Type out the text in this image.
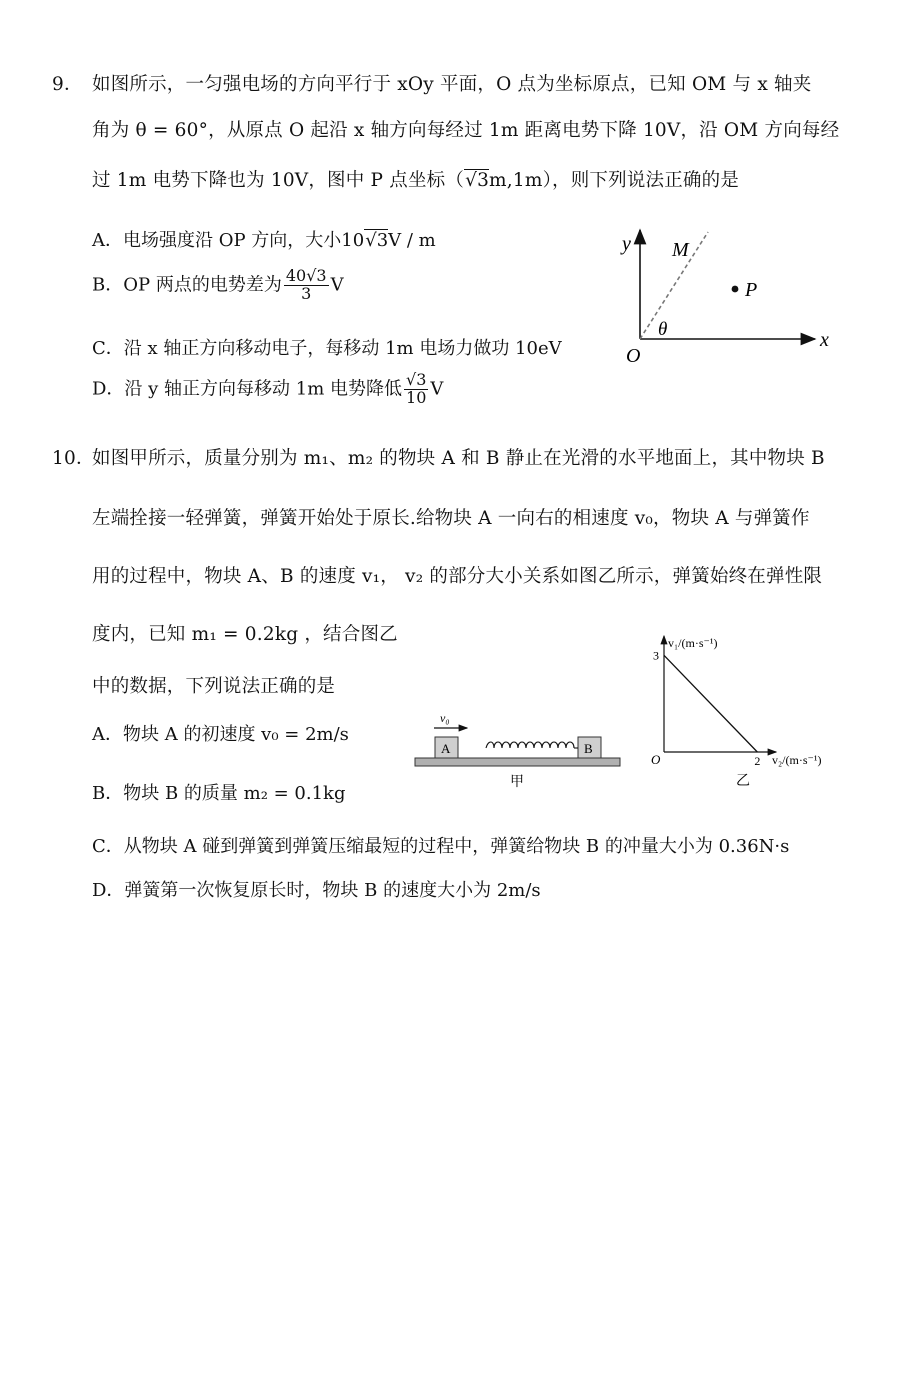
9． 如图所示，一匀强电场的方向平行于 xOy 平面，O 点为坐标原点，已知 OM 与 x 轴夹
角为 θ = 60°，从原点 O 起沿 x 轴方向每经过 1m 距离电势下降 10V，沿 OM 方向每经
过 1m 电势下降也为 10V，图中 P 点坐标（√3m,1m），则下列说法正确的是
A．电场强度沿 OP 方向，大小10√3V / m
B．OP 两点的电势差为 $\frac{40√3}{3}$ V
C．沿 x 轴正方向移动电子，每移动 1m 电场力做功 10eV
D．沿 y 轴正方向每移动 1m 电势降低 $\frac{√3}{10}$ V
y
x
O
M
P
θ
10．
如图甲所示，质量分别为 m₁、m₂ 的物块 A 和 B 静止在光滑的水平地面上，其中物块 B
左端拴接一轻弹簧，弹簧开始处于原长.给物块 A 一向右的相速度 v₀，物块 A 与弹簧作
用的过程中，物块 A、B 的速度 v₁， v₂ 的部分大小关系如图乙所示，弹簧始终在弹性限
度内，已知 m₁ = 0.2kg ，结合图乙
中的数据，下列说法正确的是
A．物块 A 的初速度 v₀ = 2m/s
B．物块 B 的质量 m₂ = 0.1kg
C．从物块 A 碰到弹簧到弹簧压缩最短的过程中，弹簧给物块 B 的冲量大小为 0.36N·s
D．弹簧第一次恢复原长时，物块 B 的速度大小为 2m/s
v₀
A	B
甲
v₁/(m·s⁻¹)
v₂/(m·s⁻¹)
O
乙
3
2
